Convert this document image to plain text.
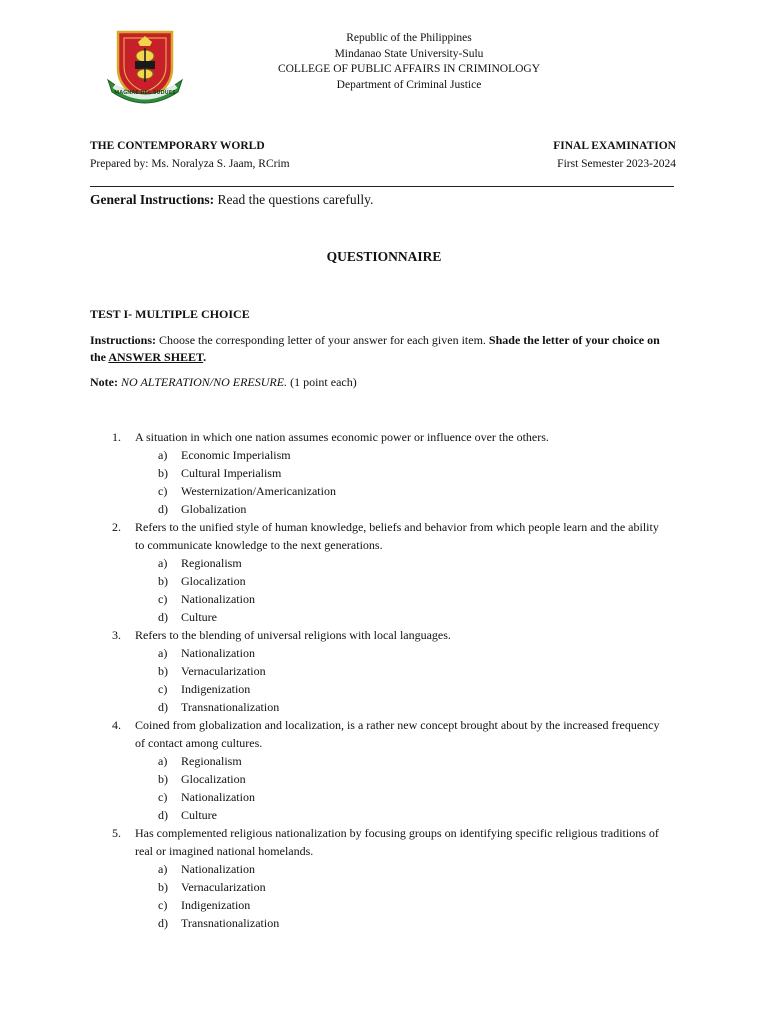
MAGNAE DEL SUDUES
Republic of the Philippines
Mindanao State University-Sulu
COLLEGE OF PUBLIC AFFAIRS IN CRIMINOLOGY
Department of Criminal Justice
THE CONTEMPORARY WORLD	FINAL EXAMINATION
Prepared by: Ms. Noralyza S. Jaam, RCrim	First Semester 2023-2024
General Instructions: Read the questions carefully.
QUESTIONNAIRE
TEST I- MULTIPLE CHOICE
Instructions: Choose the corresponding letter of your answer for each given item. Shade the letter of your choice on the ANSWER SHEET.
Note: NO ALTERATION/NO ERESURE. (1 point each)
1. A situation in which one nation assumes economic power or influence over the others.
a) Economic Imperialism
b) Cultural Imperialism
c) Westernization/Americanization
d) Globalization
2. Refers to the unified style of human knowledge, beliefs and behavior from which people learn and the ability to communicate knowledge to the next generations.
a) Regionalism
b) Glocalization
c) Nationalization
d) Culture
3. Refers to the blending of universal religions with local languages.
a) Nationalization
b) Vernacularization
c) Indigenization
d) Transnationalization
4. Coined from globalization and localization, is a rather new concept brought about by the increased frequency of contact among cultures.
a) Regionalism
b) Glocalization
c) Nationalization
d) Culture
5. Has complemented religious nationalization by focusing groups on identifying specific religious traditions of real or imagined national homelands.
a) Nationalization
b) Vernacularization
c) Indigenization
d) Transnationalization
